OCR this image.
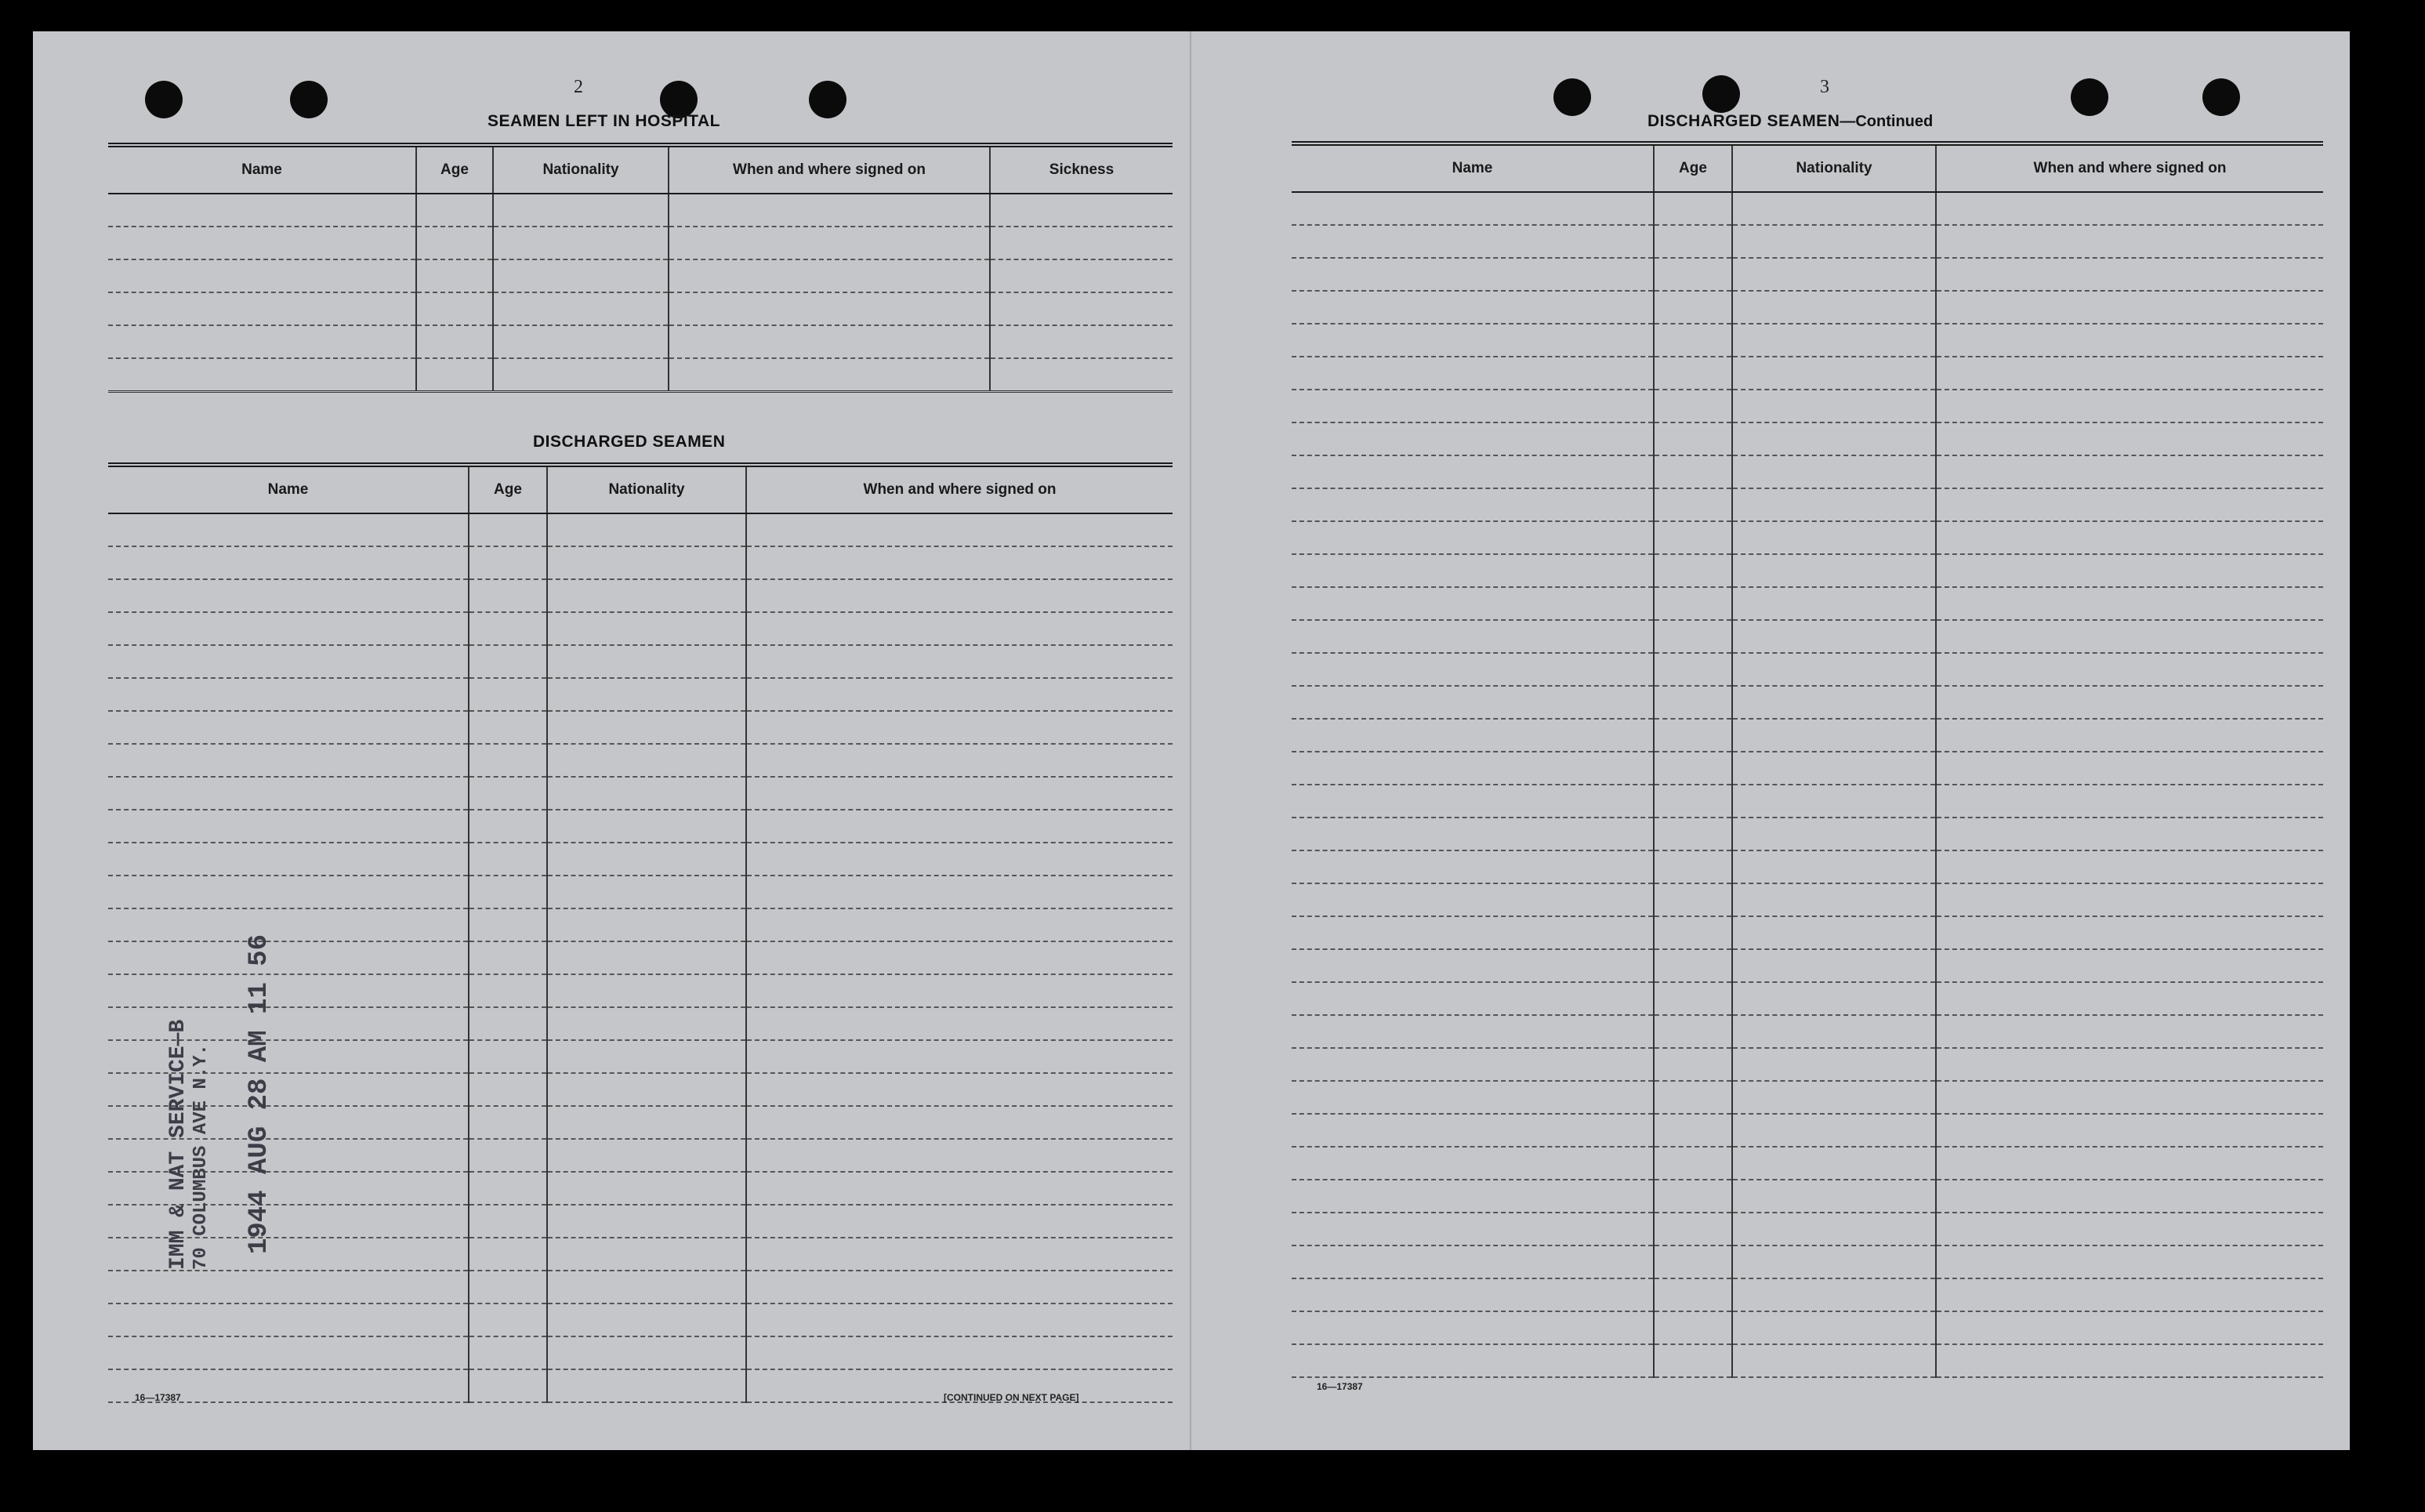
2
SEAMEN LEFT IN HOSPITAL
Name	Age	Nationality	When and where signed on	Sickness

DISCHARGED SEAMEN
Name	Age	Nationality	When and where signed on

IMM & NAT SERVICE—B 70 COLUMBUS AVE N.Y. 1944 AUG 28 AM 11 56
16—17387	[CONTINUED ON NEXT PAGE]
3
DISCHARGED SEAMEN—Continued
Name	Age	Nationality	When and where signed on

16—17387
